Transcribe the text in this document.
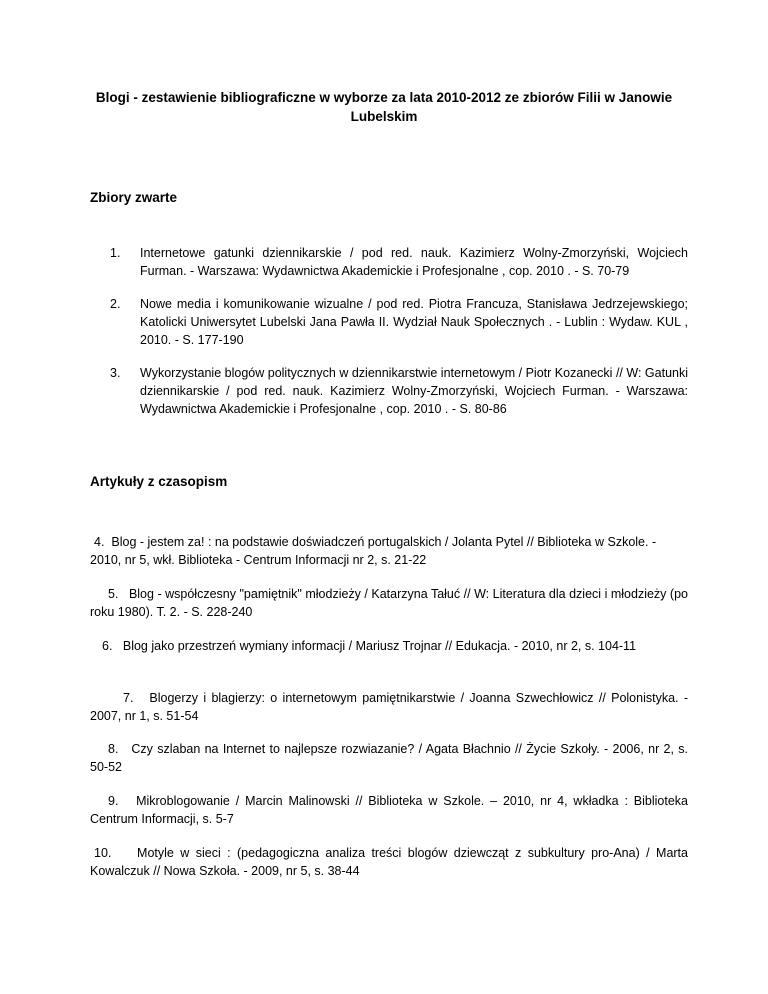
Blogi - zestawienie bibliograficzne w wyborze za lata 2010-2012 ze zbiorów Filii w Janowie Lubelskim
Zbiory zwarte
1. Internetowe gatunki dziennikarskie / pod red. nauk. Kazimierz Wolny-Zmorzyński, Wojciech Furman. - Warszawa: Wydawnictwa Akademickie i Profesjonalne , cop. 2010 . - S. 70-79
2. Nowe media i komunikowanie wizualne / pod red. Piotra Francuza, Stanisława Jedrzejewskiego; Katolicki Uniwersytet Lubelski Jana Pawła II. Wydział Nauk Społecznych . - Lublin : Wydaw. KUL , 2010. - S. 177-190
3. Wykorzystanie blogów politycznych w dziennikarstwie internetowym / Piotr Kozanecki // W: Gatunki dziennikarskie / pod red. nauk. Kazimierz Wolny-Zmorzyński, Wojciech Furman. - Warszawa: Wydawnictwa Akademickie i Profesjonalne , cop. 2010 . - S. 80-86
Artykuły z czasopism

4. Blog - jestem za! : na podstawie doświadczeń portugalskich / Jolanta Pytel // Biblioteka w Szkole. - 2010, nr 5, wkł. Biblioteka - Centrum Informacji nr 2, s. 21-22

5. Blog - współczesny "pamiętnik" młodzieży / Katarzyna Tałuć // W: Literatura dla dzieci i młodzieży (po roku 1980). T. 2. - S. 228-240

6. Blog jako przestrzeń wymiany informacji / Mariusz Trojnar // Edukacja. - 2010, nr 2, s. 104-11

7. Blogerzy i blagierzy: o internetowym pamiętnikarstwie / Joanna Szwechłowicz // Polonistyka. - 2007, nr 1, s. 51-54

8. Czy szlaban na Internet to najlepsze rozwiazanie? / Agata Błachnio // Życie Szkoły. - 2006, nr 2, s. 50-52

9. Mikroblogowanie / Marcin Malinowski // Biblioteka w Szkole. – 2010, nr 4, wkładka : Biblioteka Centrum Informacji, s. 5-7

10. Motyle w sieci : (pedagogiczna analiza treści blogów dziewcząt z subkultury pro-Ana) / Marta Kowalczuk // Nowa Szkoła. - 2009, nr 5, s. 38-44
